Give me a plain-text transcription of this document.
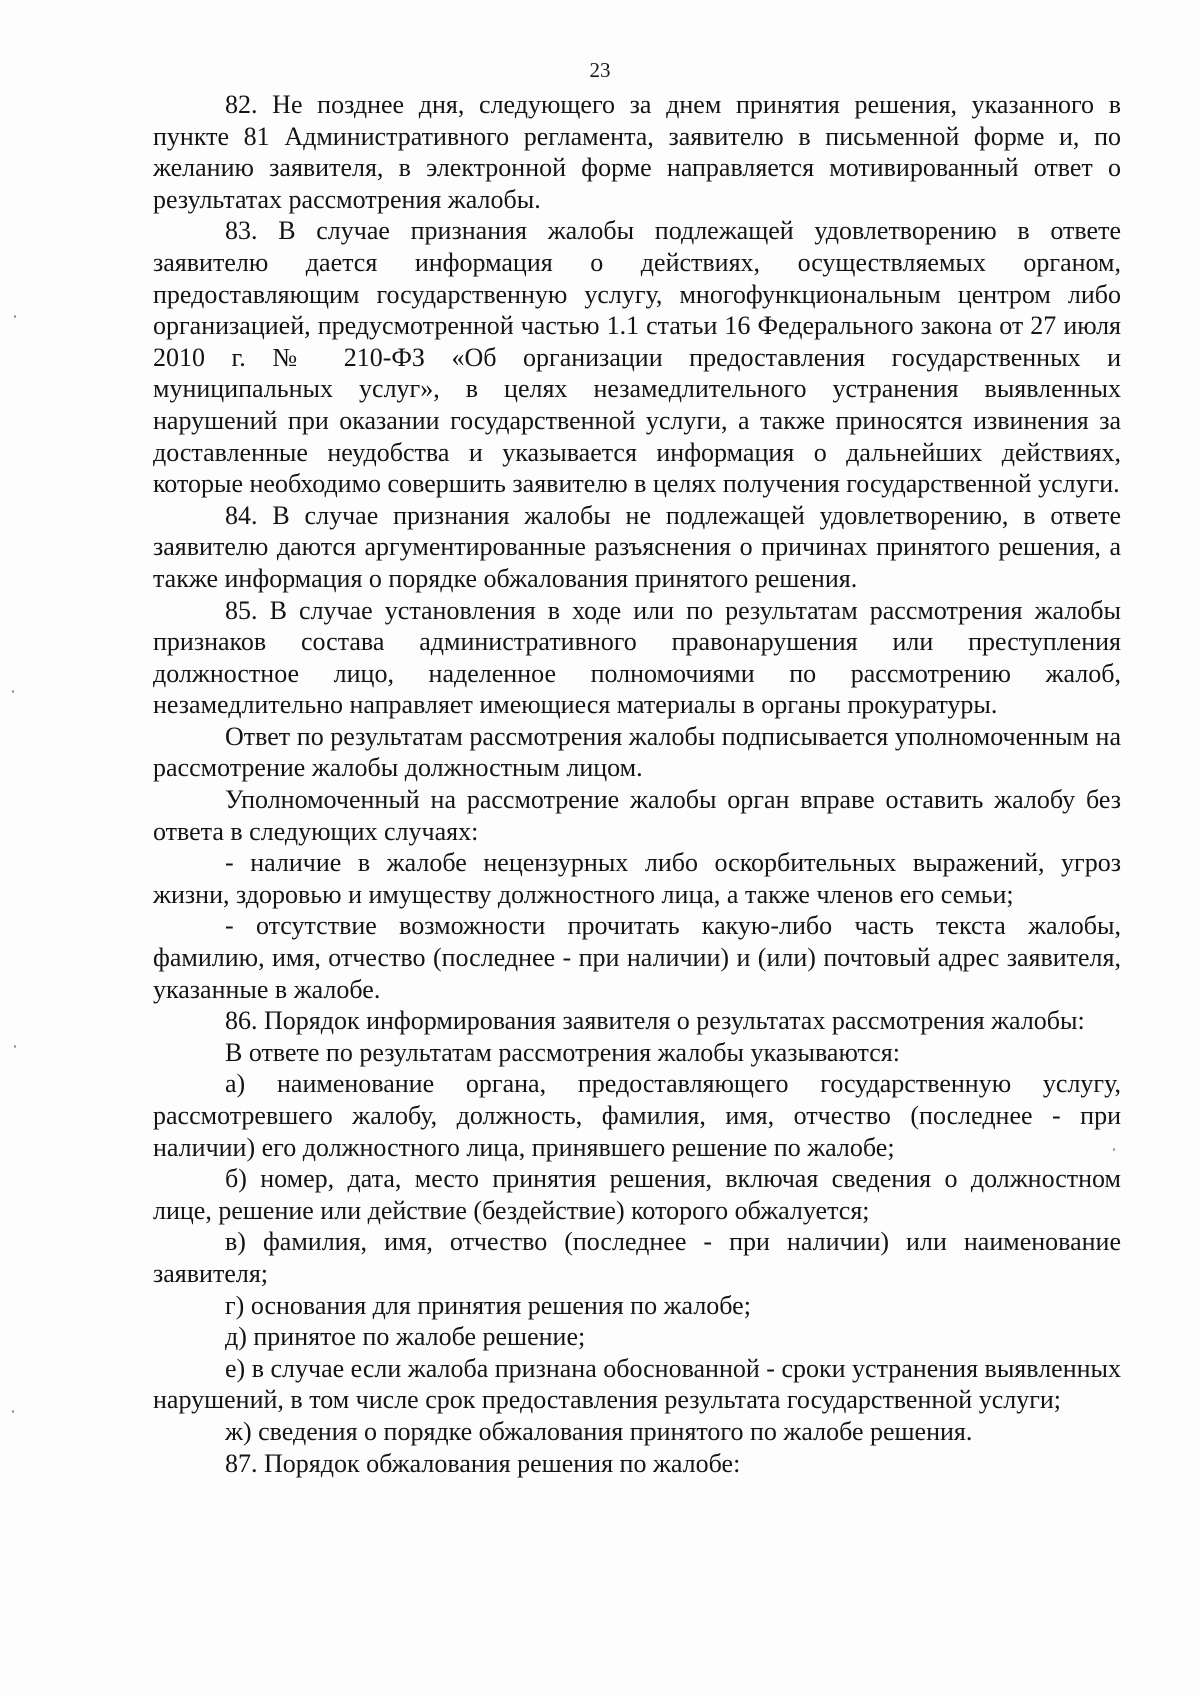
23

82. Не позднее дня, следующего за днем принятия решения, указанного в пункте 81 Административного регламента, заявителю в письменной форме и, по желанию заявителя, в электронной форме направляется мотивированный ответ о результатах рассмотрения жалобы.

83. В случае признания жалобы подлежащей удовлетворению в ответе заявителю дается информация о действиях, осуществляемых органом, предоставляющим государственную услугу, многофункциональным центром либо организацией, предусмотренной частью 1.1 статьи 16 Федерального закона от 27 июля 2010 г. № 210-ФЗ «Об организации предоставления государственных и муниципальных услуг», в целях незамедлительного устранения выявленных нарушений при оказании государственной услуги, а также приносятся извинения за доставленные неудобства и указывается информация о дальнейших действиях, которые необходимо совершить заявителю в целях получения государственной услуги.

84. В случае признания жалобы не подлежащей удовлетворению, в ответе заявителю даются аргументированные разъяснения о причинах принятого решения, а также информация о порядке обжалования принятого решения.

85. В случае установления в ходе или по результатам рассмотрения жалобы признаков состава административного правонарушения или преступления должностное лицо, наделенное полномочиями по рассмотрению жалоб, незамедлительно направляет имеющиеся материалы в органы прокуратуры.

Ответ по результатам рассмотрения жалобы подписывается уполномоченным на рассмотрение жалобы должностным лицом.

Уполномоченный на рассмотрение жалобы орган вправе оставить жалобу без ответа в следующих случаях:

- наличие в жалобе нецензурных либо оскорбительных выражений, угроз жизни, здоровью и имуществу должностного лица, а также членов его семьи;

- отсутствие возможности прочитать какую-либо часть текста жалобы, фамилию, имя, отчество (последнее - при наличии) и (или) почтовый адрес заявителя, указанные в жалобе.

86. Порядок информирования заявителя о результатах рассмотрения жалобы:

В ответе по результатам рассмотрения жалобы указываются:

а) наименование органа, предоставляющего государственную услугу, рассмотревшего жалобу, должность, фамилия, имя, отчество (последнее - при наличии) его должностного лица, принявшего решение по жалобе;

б) номер, дата, место принятия решения, включая сведения о должностном лице, решение или действие (бездействие) которого обжалуется;

в) фамилия, имя, отчество (последнее - при наличии) или наименование заявителя;

г) основания для принятия решения по жалобе;

д) принятое по жалобе решение;

е) в случае если жалоба признана обоснованной - сроки устранения выявленных нарушений, в том числе срок предоставления результата государственной услуги;

ж) сведения о порядке обжалования принятого по жалобе решения.

87. Порядок обжалования решения по жалобе:
